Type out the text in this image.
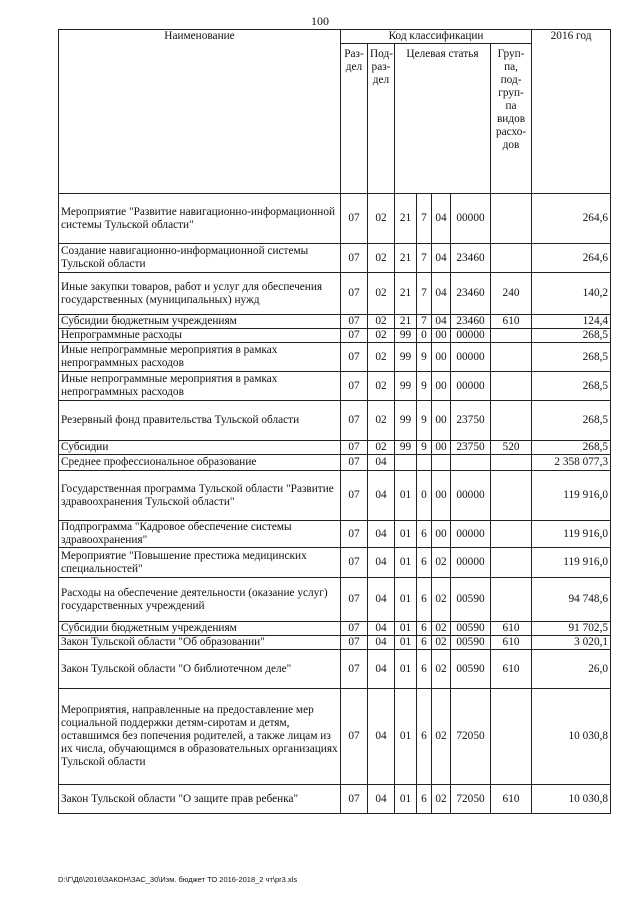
100
Наименование	Код классификации							2016 год
	Раз-дел	Под-раз-дел	Целевая статья				Груп-па, под-груп-па видов расхо-дов	
Мероприятие "Развитие навигационно-информационной системы Тульской области"	07	02	21	7	04	00000		264,6
Создание навигационно-информационной системы Тульской области	07	02	21	7	04	23460		264,6
Иные закупки товаров, работ и услуг для обеспечения государственных (муниципальных) нужд	07	02	21	7	04	23460	240	140,2
Субсидии бюджетным учреждениям	07	02	21	7	04	23460	610	124,4
Непрограммные расходы	07	02	99	0	00	00000		268,5
Иные непрограммные мероприятия в рамках непрограммных расходов	07	02	99	9	00	00000		268,5
Иные непрограммные мероприятия в рамках непрограммных расходов	07	02	99	9	00	00000		268,5
Резервный фонд правительства Тульской области	07	02	99	9	00	23750		268,5
Субсидии	07	02	99	9	00	23750	520	268,5
Среднее профессиональное образование	07	04						2 358 077,3
Государственная программа Тульской области "Развитие здравоохранения Тульской области"	07	04	01	0	00	00000		119 916,0
Подпрограмма "Кадровое обеспечение системы здравоохранения"	07	04	01	6	00	00000		119 916,0
Мероприятие "Повышение престижа медицинских специальностей"	07	04	01	6	02	00000		119 916,0
Расходы на обеспечение деятельности (оказание услуг) государственных учреждений	07	04	01	6	02	00590		94 748,6
Субсидии бюджетным учреждениям	07	04	01	6	02	00590	610	91 702,5
Закон Тульской области "Об образовании"	07	04	01	6	02	00590	610	3 020,1
Закон Тульской области "О библиотечном деле"	07	04	01	6	02	00590	610	26,0
Мероприятия, направленные на предоставление мер социальной поддержки детям-сиротам и детям, оставшимся без попечения родителей, а также лицам из их числа, обучающимся в образовательных организациях Тульской области	07	04	01	6	02	72050		10 030,8
Закон Тульской области "О защите прав ребенка"	07	04	01	6	02	72050	610	10 030,8
D:\Г\Д6\2016\ЗАКОН\ЗАС_30\Изм. бюджет ТО 2016-2018_2 чт\pr3.xls
